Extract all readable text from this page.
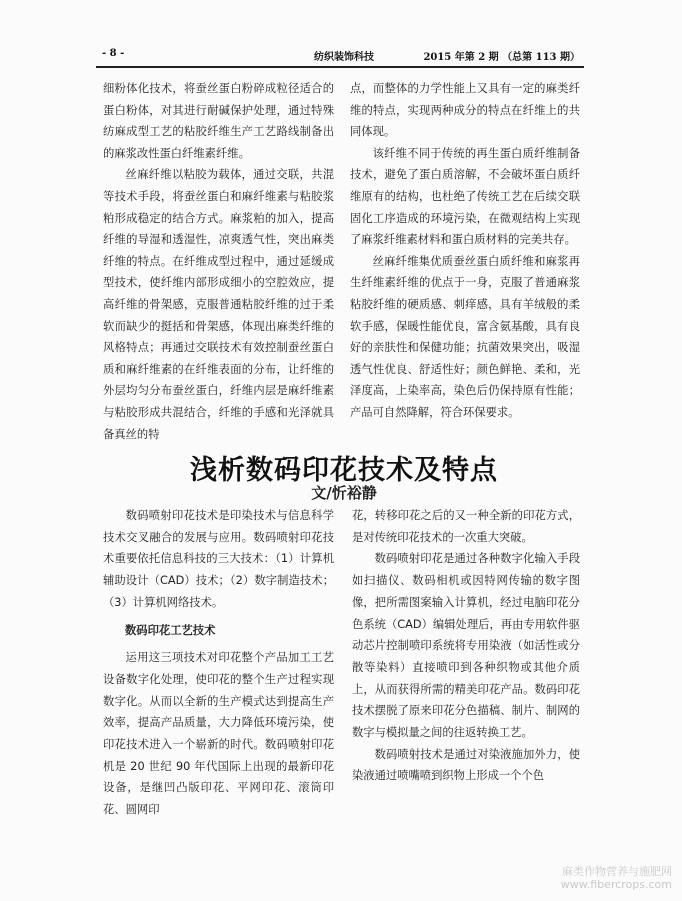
- 8 -	纺织装饰科技	2015 年第 2 期 （总第 113 期）

细粉体化技术，将蚕丝蛋白粉碎成粒径适合的蛋白粉体，对其进行耐碱保护处理，通过特殊纺麻成型工艺的粘胶纤维生产工艺路线制备出的麻浆改性蛋白纤维素纤维。

丝麻纤维以粘胶为载体，通过交联，共混等技术手段，将蚕丝蛋白和麻纤维素与粘胶浆粕形成稳定的结合方式。麻浆粕的加入，提高纤维的导湿和透湿性，凉爽透气性，突出麻类纤维的特点。在纤维成型过程中，通过延缓成型技术，使纤维内部形成细小的空腔效应，提高纤维的骨架感，克服普通粘胶纤维的过于柔软而缺少的挺括和骨架感，体现出麻类纤维的风格特点；再通过交联技术有效控制蚕丝蛋白质和麻纤维素的在纤维表面的分布，让纤维的外层均匀分布蚕丝蛋白，纤维内层是麻纤维素与粘胶形成共混结合，纤维的手感和光泽就具备真丝的特

点，而整体的力学性能上又具有一定的麻类纤维的特点，实现两种成分的特点在纤维上的共同体现。

该纤维不同于传统的再生蛋白质纤维制备技术，避免了蛋白质溶解，不会破坏蛋白质纤维原有的结构，也杜绝了传统工艺在后续交联固化工序造成的环境污染，在微观结构上实现了麻浆纤维素材料和蛋白质材料的完美共存。

丝麻纤维集优质蚕丝蛋白质纤维和麻浆再生纤维素纤维的优点于一身，克服了普通麻浆粘胶纤维的硬质感、刺痒感，具有羊绒般的柔软手感，保暖性能优良，富含氨基酸，具有良好的亲肤性和保健功能；抗菌效果突出，吸湿透气性优良、舒适性好；颜色鲜艳、柔和，光泽度高，上染率高，染色后仍保持原有性能；产品可自然降解，符合环保要求。

浅析数码印花技术及特点
文/忻裕静

数码喷射印花技术是印染技术与信息科学技术交叉融合的发展与应用。数码喷射印花技术重要依托信息科技的三大技术：（1）计算机辅助设计（CAD）技术；（2）数字制造技术；（3）计算机网络技术。

数码印花工艺技术

运用这三项技术对印花整个产品加工工艺设备数字化处理，使印花的整个生产过程实现数字化。从而以全新的生产模式达到提高生产效率，提高产品质量，大力降低环境污染，使印花技术进入一个崭新的时代。数码喷射印花机是 20 世纪 90 年代国际上出现的最新印花设备，是继凹凸版印花、平网印花、滚筒印花、圆网印

花，转移印花之后的又一种全新的印花方式，是对传统印花技术的一次重大突破。

数码喷射印花是通过各种数字化输入手段如扫描仪、数码相机或因特网传输的数字图像，把所需图案输入计算机，经过电脑印花分色系统（CAD）编辑处理后，再由专用软件驱动芯片控制喷印系统将专用染液（如活性或分散等染料）直接喷印到各种织物或其他介质上，从而获得所需的精美印花产品。数码印花技术摆脱了原来印花分色描稿、制片、制网的数字与模拟量之间的往返转换工艺。

数码喷射技术是通过对染液施加外力，使染液通过喷嘴喷到织物上形成一个个色

麻类作物营养与施肥网
www.fibercrops.com
